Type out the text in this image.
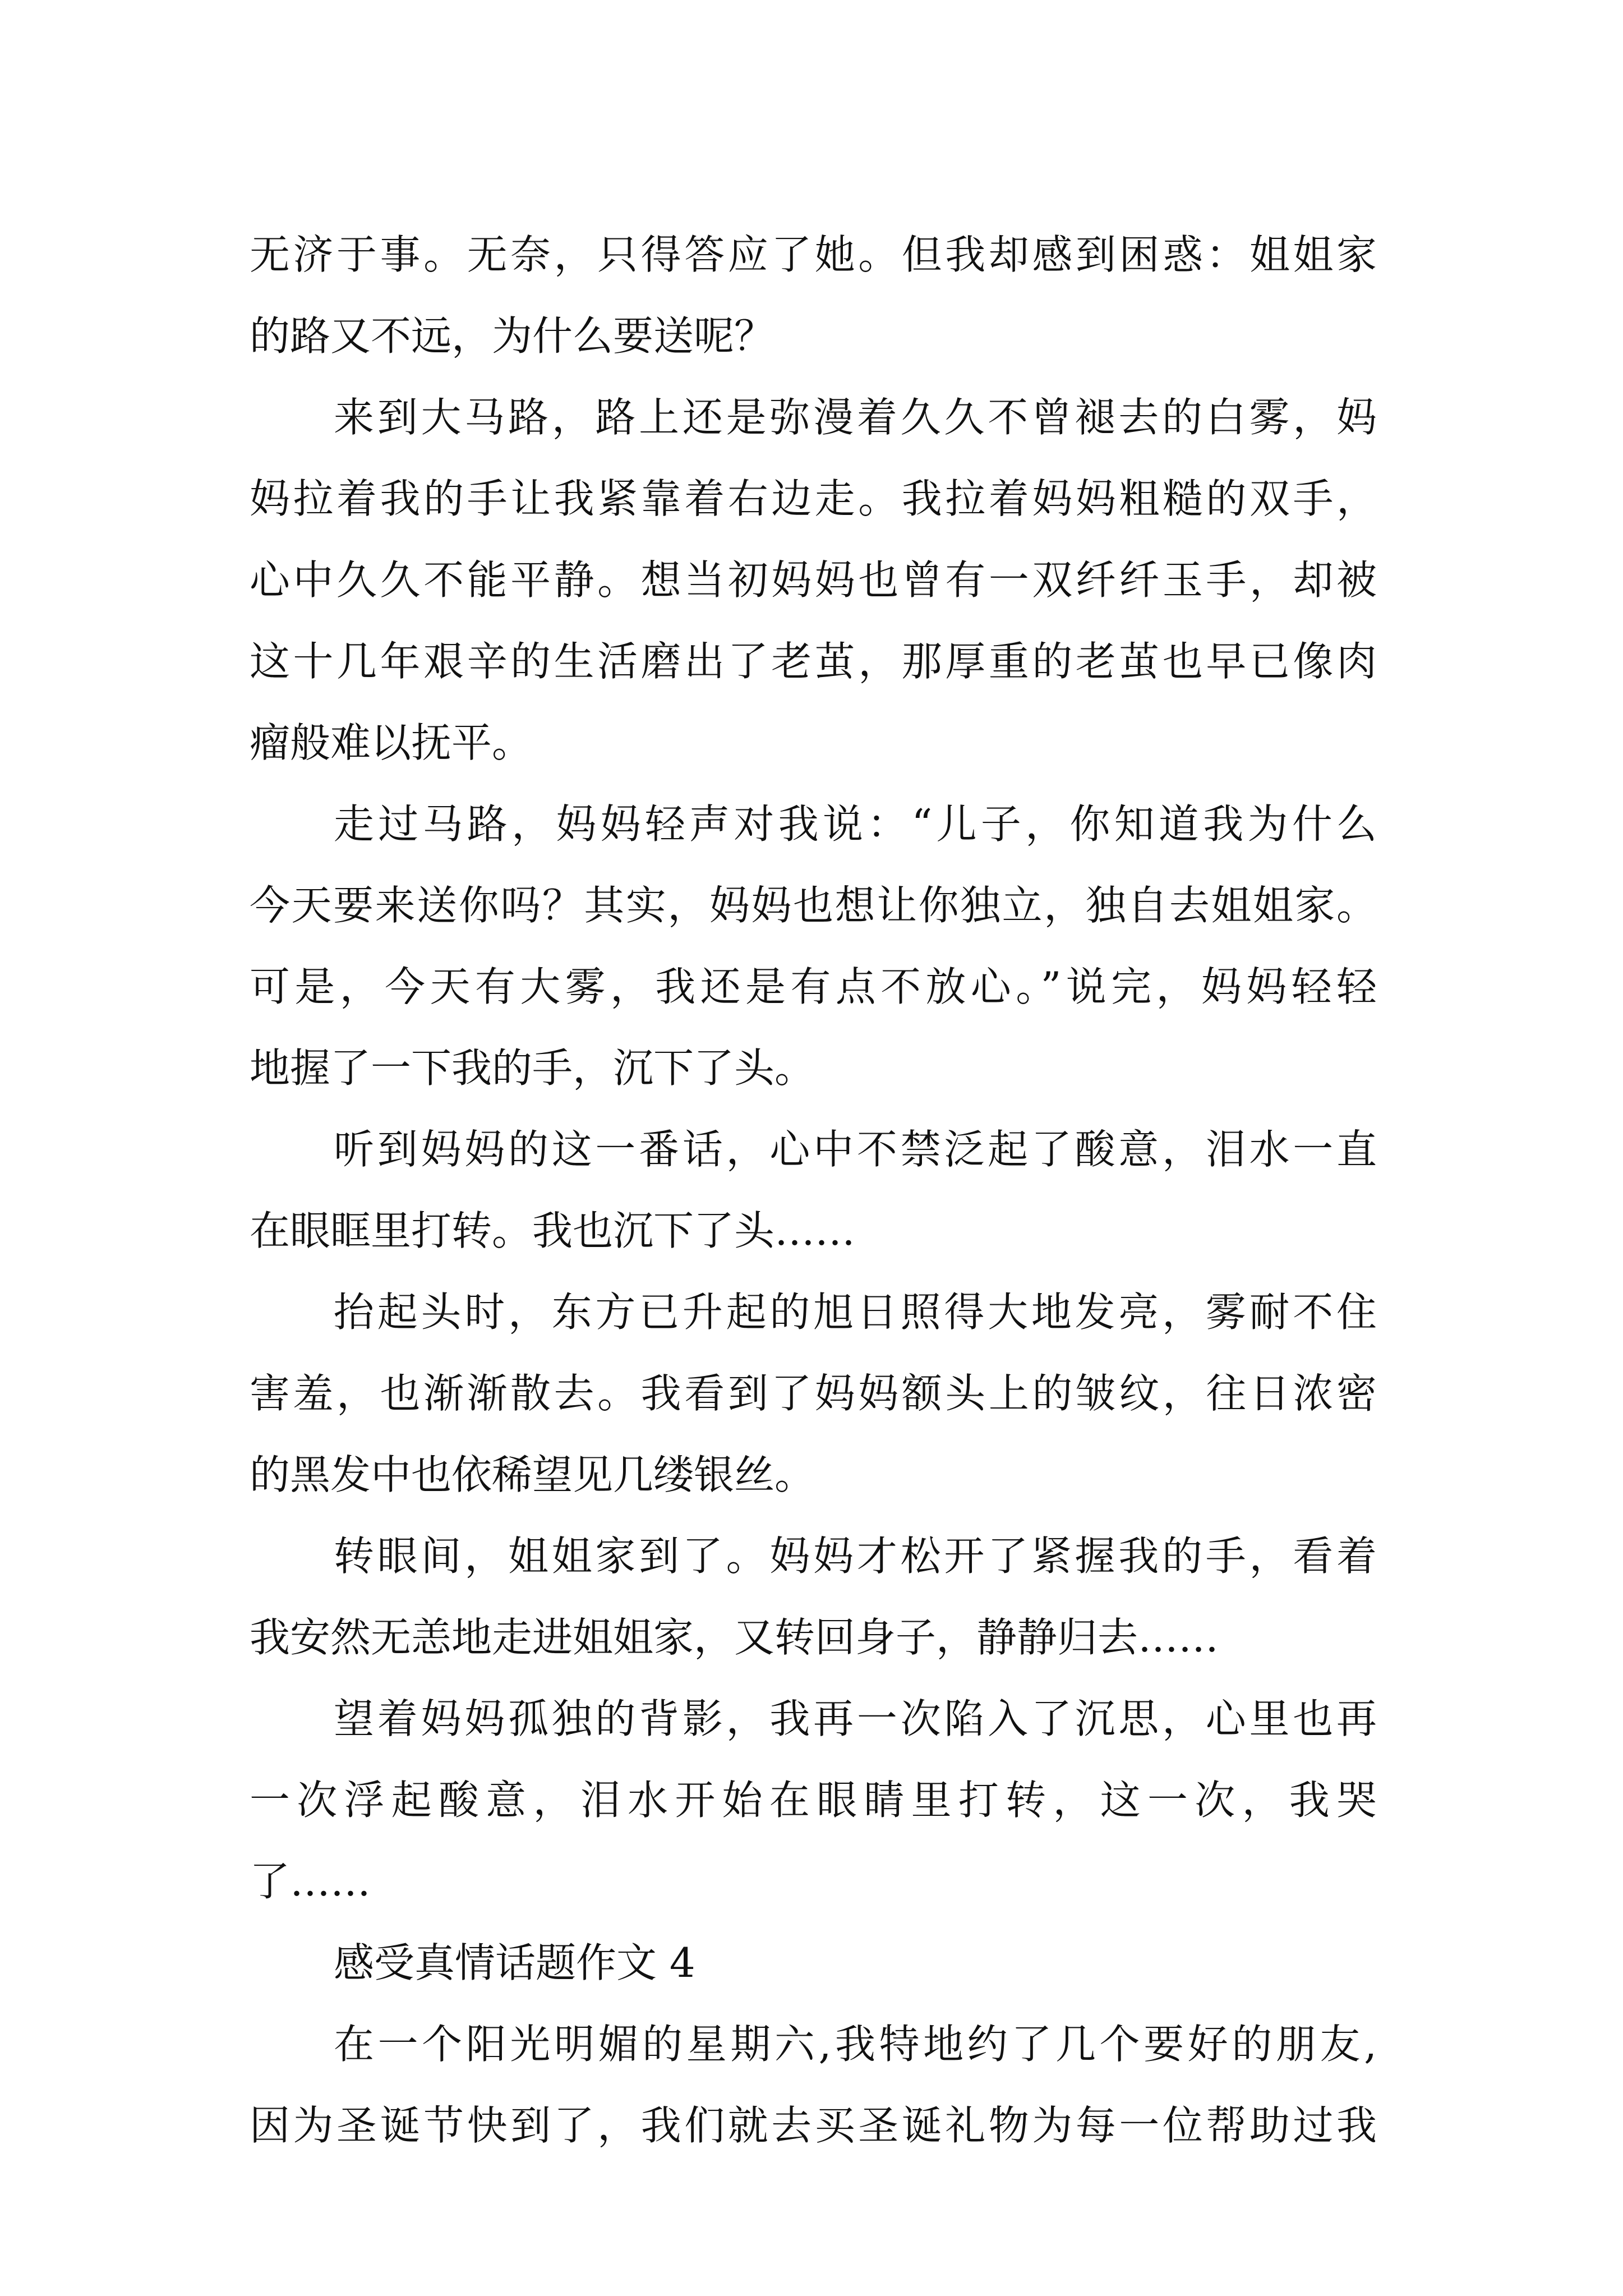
无济于事。无奈，只得答应了她。但我却感到困惑：姐姐家
的路又不远，为什么要送呢？
来到大马路，路上还是弥漫着久久不曾褪去的白雾，妈
妈拉着我的手让我紧靠着右边走。我拉着妈妈粗糙的双手，
心中久久不能平静。想当初妈妈也曾有一双纤纤玉手，却被
这十几年艰辛的生活磨出了老茧，那厚重的老茧也早已像肉
瘤般难以抚平。
走过马路，妈妈轻声对我说：“儿子，你知道我为什么
今天要来送你吗？其实，妈妈也想让你独立，独自去姐姐家。
可是，今天有大雾，我还是有点不放心。”说完，妈妈轻轻
地握了一下我的手，沉下了头。
听到妈妈的这一番话，心中不禁泛起了酸意，泪水一直
在眼眶里打转。我也沉下了头……
抬起头时，东方已升起的旭日照得大地发亮，雾耐不住
害羞，也渐渐散去。我看到了妈妈额头上的皱纹，往日浓密
的黑发中也依稀望见几缕银丝。
转眼间，姐姐家到了。妈妈才松开了紧握我的手，看着
我安然无恙地走进姐姐家，又转回身子，静静归去……
望着妈妈孤独的背影，我再一次陷入了沉思，心里也再
一次浮起酸意，泪水开始在眼睛里打转，这一次，我哭
了……
感受真情话题作文 4
在一个阳光明媚的星期六,我特地约了几个要好的朋友,
因为圣诞节快到了，我们就去买圣诞礼物为每一位帮助过我
